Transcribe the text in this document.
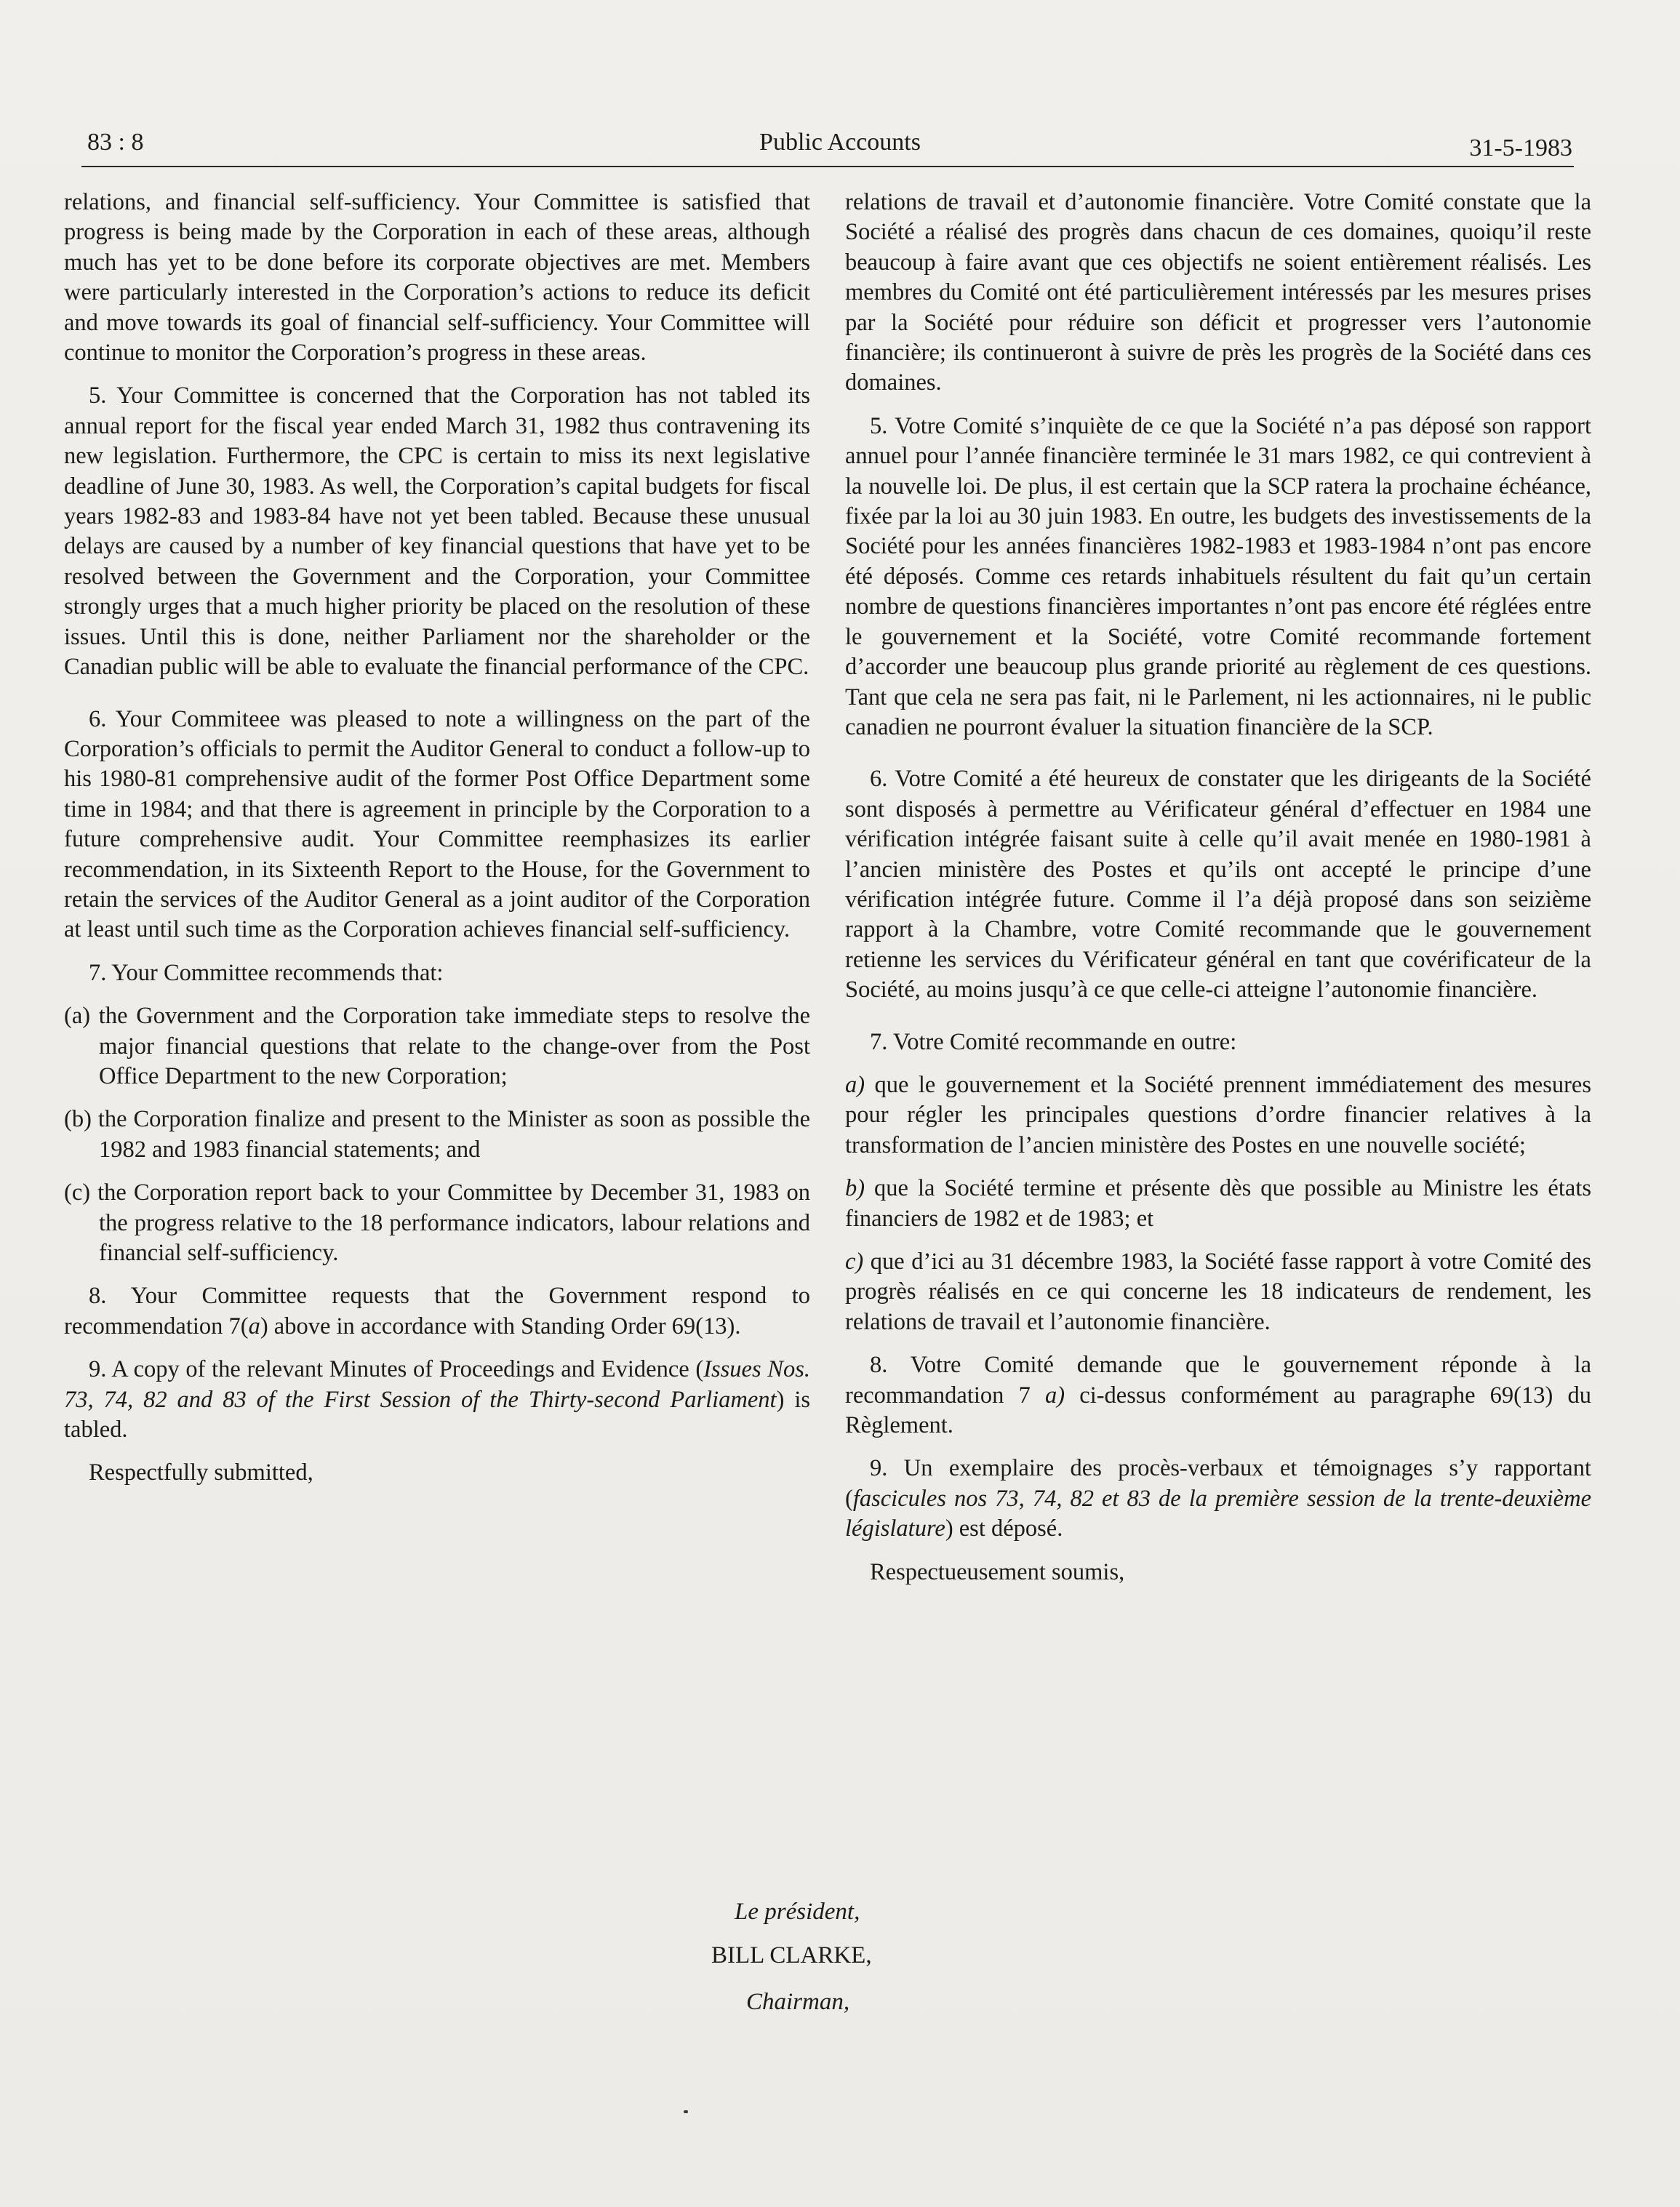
83 : 8	Public Accounts	31-5-1983

relations, and financial self-sufficiency. Your Committee is satisfied that progress is being made by the Corporation in each of these areas, although much has yet to be done before its corporate objectives are met. Members were particularly interested in the Corporation’s actions to reduce its deficit and move towards its goal of financial self-sufficiency. Your Committee will continue to monitor the Corporation’s progress in these areas.

5. Your Committee is concerned that the Corporation has not tabled its annual report for the fiscal year ended March 31, 1982 thus contravening its new legislation. Furthermore, the CPC is certain to miss its next legislative deadline of June 30, 1983. As well, the Corporation’s capital budgets for fiscal years 1982-83 and 1983-84 have not yet been tabled. Because these unusual delays are caused by a number of key financial questions that have yet to be resolved between the Government and the Corporation, your Committee strongly urges that a much higher priority be placed on the resolution of these issues. Until this is done, neither Parliament nor the shareholder or the Canadian public will be able to evaluate the financial performance of the CPC.

6. Your Commiteee was pleased to note a willingness on the part of the Corporation’s officials to permit the Auditor General to conduct a follow-up to his 1980-81 comprehensive audit of the former Post Office Department some time in 1984; and that there is agreement in principle by the Corporation to a future comprehensive audit. Your Committee reemphasizes its earlier recommendation, in its Sixteenth Report to the House, for the Government to retain the services of the Auditor General as a joint auditor of the Corporation at least until such time as the Corporation achieves financial self-sufficiency.

7. Your Committee recommends that:

(a) the Government and the Corporation take immediate steps to resolve the major financial questions that relate to the change-over from the Post Office Department to the new Corporation;

(b) the Corporation finalize and present to the Minister as soon as possible the 1982 and 1983 financial statements; and

(c) the Corporation report back to your Committee by December 31, 1983 on the progress relative to the 18 performance indicators, labour relations and financial self-sufficiency.

8. Your Committee requests that the Government respond to recommendation 7(a) above in accordance with Standing Order 69(13).

9. A copy of the relevant Minutes of Proceedings and Evidence (Issues Nos. 73, 74, 82 and 83 of the First Session of the Thirty-second Parliament) is tabled.

Respectfully submitted,

relations de travail et d’autonomie financière. Votre Comité constate que la Société a réalisé des progrès dans chacun de ces domaines, quoiqu’il reste beaucoup à faire avant que ces objectifs ne soient entièrement réalisés. Les membres du Comité ont été particulièrement intéressés par les mesures prises par la Société pour réduire son déficit et progresser vers l’autonomie financière; ils continueront à suivre de près les progrès de la Société dans ces domaines.

5. Votre Comité s’inquiète de ce que la Société n’a pas déposé son rapport annuel pour l’année financière terminée le 31 mars 1982, ce qui contrevient à la nouvelle loi. De plus, il est certain que la SCP ratera la prochaine échéance, fixée par la loi au 30 juin 1983. En outre, les budgets des investissements de la Société pour les années financières 1982-1983 et 1983-1984 n’ont pas encore été déposés. Comme ces retards inhabituels résultent du fait qu’un certain nombre de questions financières importantes n’ont pas encore été réglées entre le gouvernement et la Société, votre Comité recommande fortement d’accorder une beaucoup plus grande priorité au règlement de ces questions. Tant que cela ne sera pas fait, ni le Parlement, ni les actionnaires, ni le public canadien ne pourront évaluer la situation financière de la SCP.

6. Votre Comité a été heureux de constater que les dirigeants de la Société sont disposés à permettre au Vérificateur général d’effectuer en 1984 une vérification intégrée faisant suite à celle qu’il avait menée en 1980-1981 à l’ancien ministère des Postes et qu’ils ont accepté le principe d’une vérification intégrée future. Comme il l’a déjà proposé dans son seizième rapport à la Chambre, votre Comité recommande que le gouvernement retienne les services du Vérificateur général en tant que covérificateur de la Société, au moins jusqu’à ce que celle-ci atteigne l’autonomie financière.

7. Votre Comité recommande en outre:

a) que le gouvernement et la Société prennent immédiatement des mesures pour régler les principales questions d’ordre financier relatives à la transformation de l’ancien ministère des Postes en une nouvelle société;

b) que la Société termine et présente dès que possible au Ministre les états financiers de 1982 et de 1983; et

c) que d’ici au 31 décembre 1983, la Société fasse rapport à votre Comité des progrès réalisés en ce qui concerne les 18 indicateurs de rendement, les relations de travail et l’autonomie financière.

8. Votre Comité demande que le gouvernement réponde à la recommandation 7 a) ci-dessus conformément au paragraphe 69(13) du Règlement.

9. Un exemplaire des procès-verbaux et témoignages s’y rapportant (fascicules nos 73, 74, 82 et 83 de la première session de la trente-deuxième législature) est déposé.

Respectueusement soumis,

Le président,
BILL CLARKE,
Chairman,
